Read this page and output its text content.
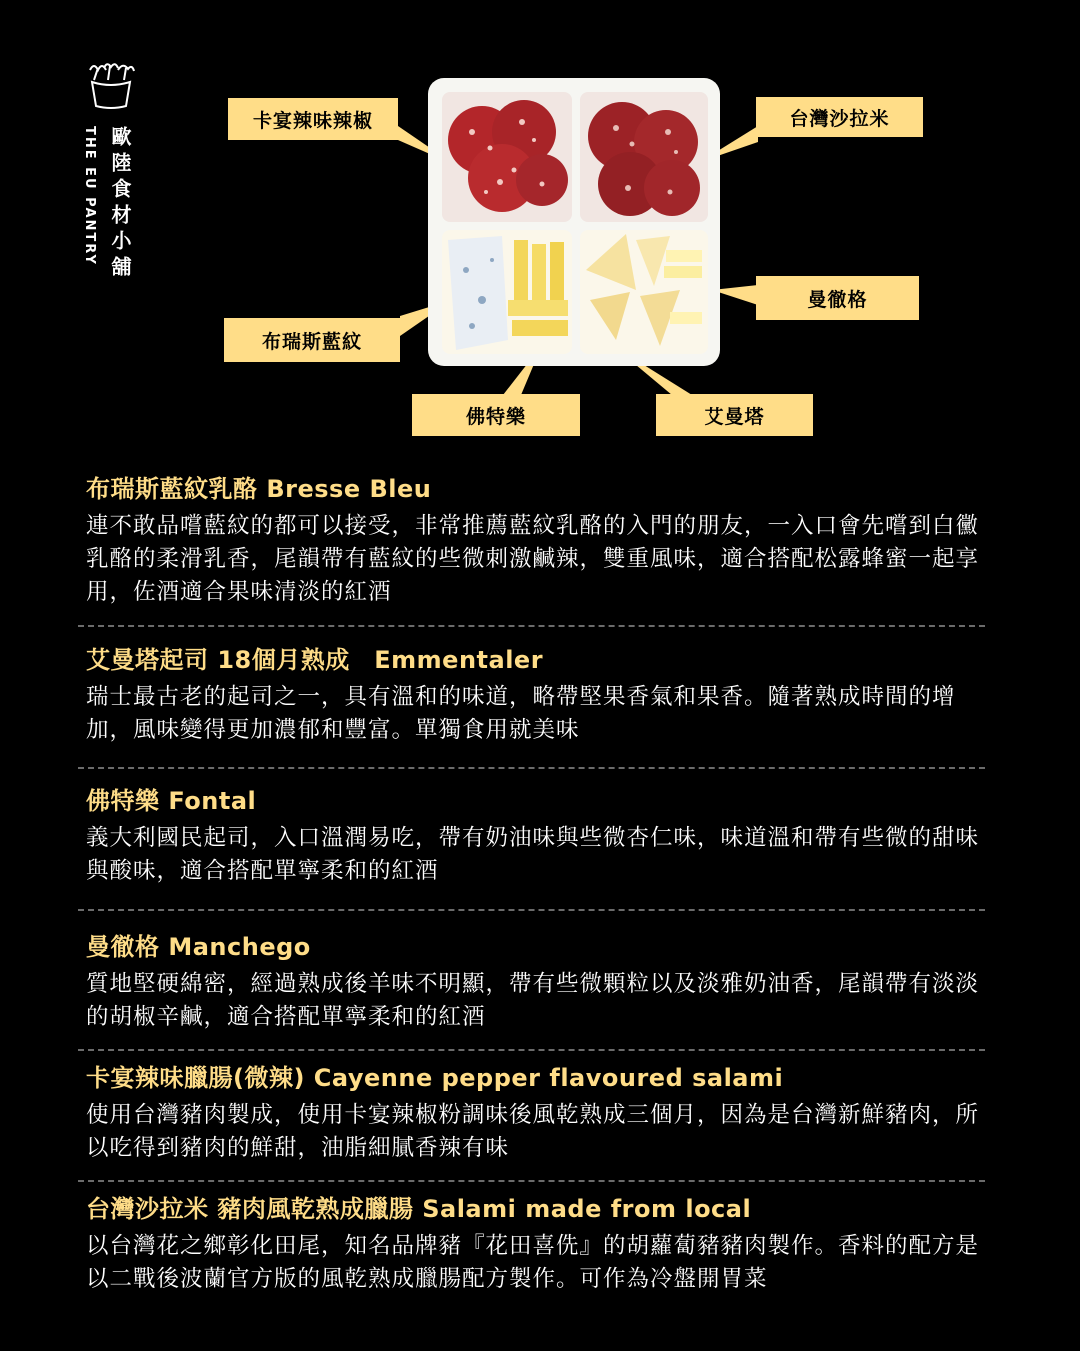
歐陸食材小舖
THE EU PANTRY
卡宴辣味辣椒	台灣沙拉米
曼徹格
布瑞斯藍紋
佛特樂	艾曼塔
布瑞斯藍紋乳酪 Bresse Bleu
連不敢品嚐藍紋的都可以接受，非常推薦藍紋乳酪的入門的朋友，一入口會先嚐到白黴乳酪的柔滑乳香，尾韻帶有藍紋的些微刺激鹹辣，雙重風味，適合搭配松露蜂蜜一起享用，佐酒適合果味清淡的紅酒
艾曼塔起司 18個月熟成　Emmentaler
瑞士最古老的起司之一，具有溫和的味道，略帶堅果香氣和果香。隨著熟成時間的增加，風味變得更加濃郁和豐富。單獨食用就美味
佛特樂 Fontal
義大利國民起司，入口溫潤易吃，帶有奶油味與些微杏仁味，味道溫和帶有些微的甜味與酸味，適合搭配單寧柔和的紅酒
曼徹格 Manchego
質地堅硬綿密，經過熟成後羊味不明顯，帶有些微顆粒以及淡雅奶油香，尾韻帶有淡淡的胡椒辛鹹，適合搭配單寧柔和的紅酒
卡宴辣味臘腸(微辣) Cayenne pepper flavoured salami
使用台灣豬肉製成，使用卡宴辣椒粉調味後風乾熟成三個月，因為是台灣新鮮豬肉，所以吃得到豬肉的鮮甜，油脂細膩香辣有味
台灣沙拉米 豬肉風乾熟成臘腸 Salami made from local
以台灣花之鄉彰化田尾，知名品牌豬『花田喜侁』的胡蘿蔔豬豬肉製作。香料的配方是以二戰後波蘭官方版的風乾熟成臘腸配方製作。可作為冷盤開胃菜
